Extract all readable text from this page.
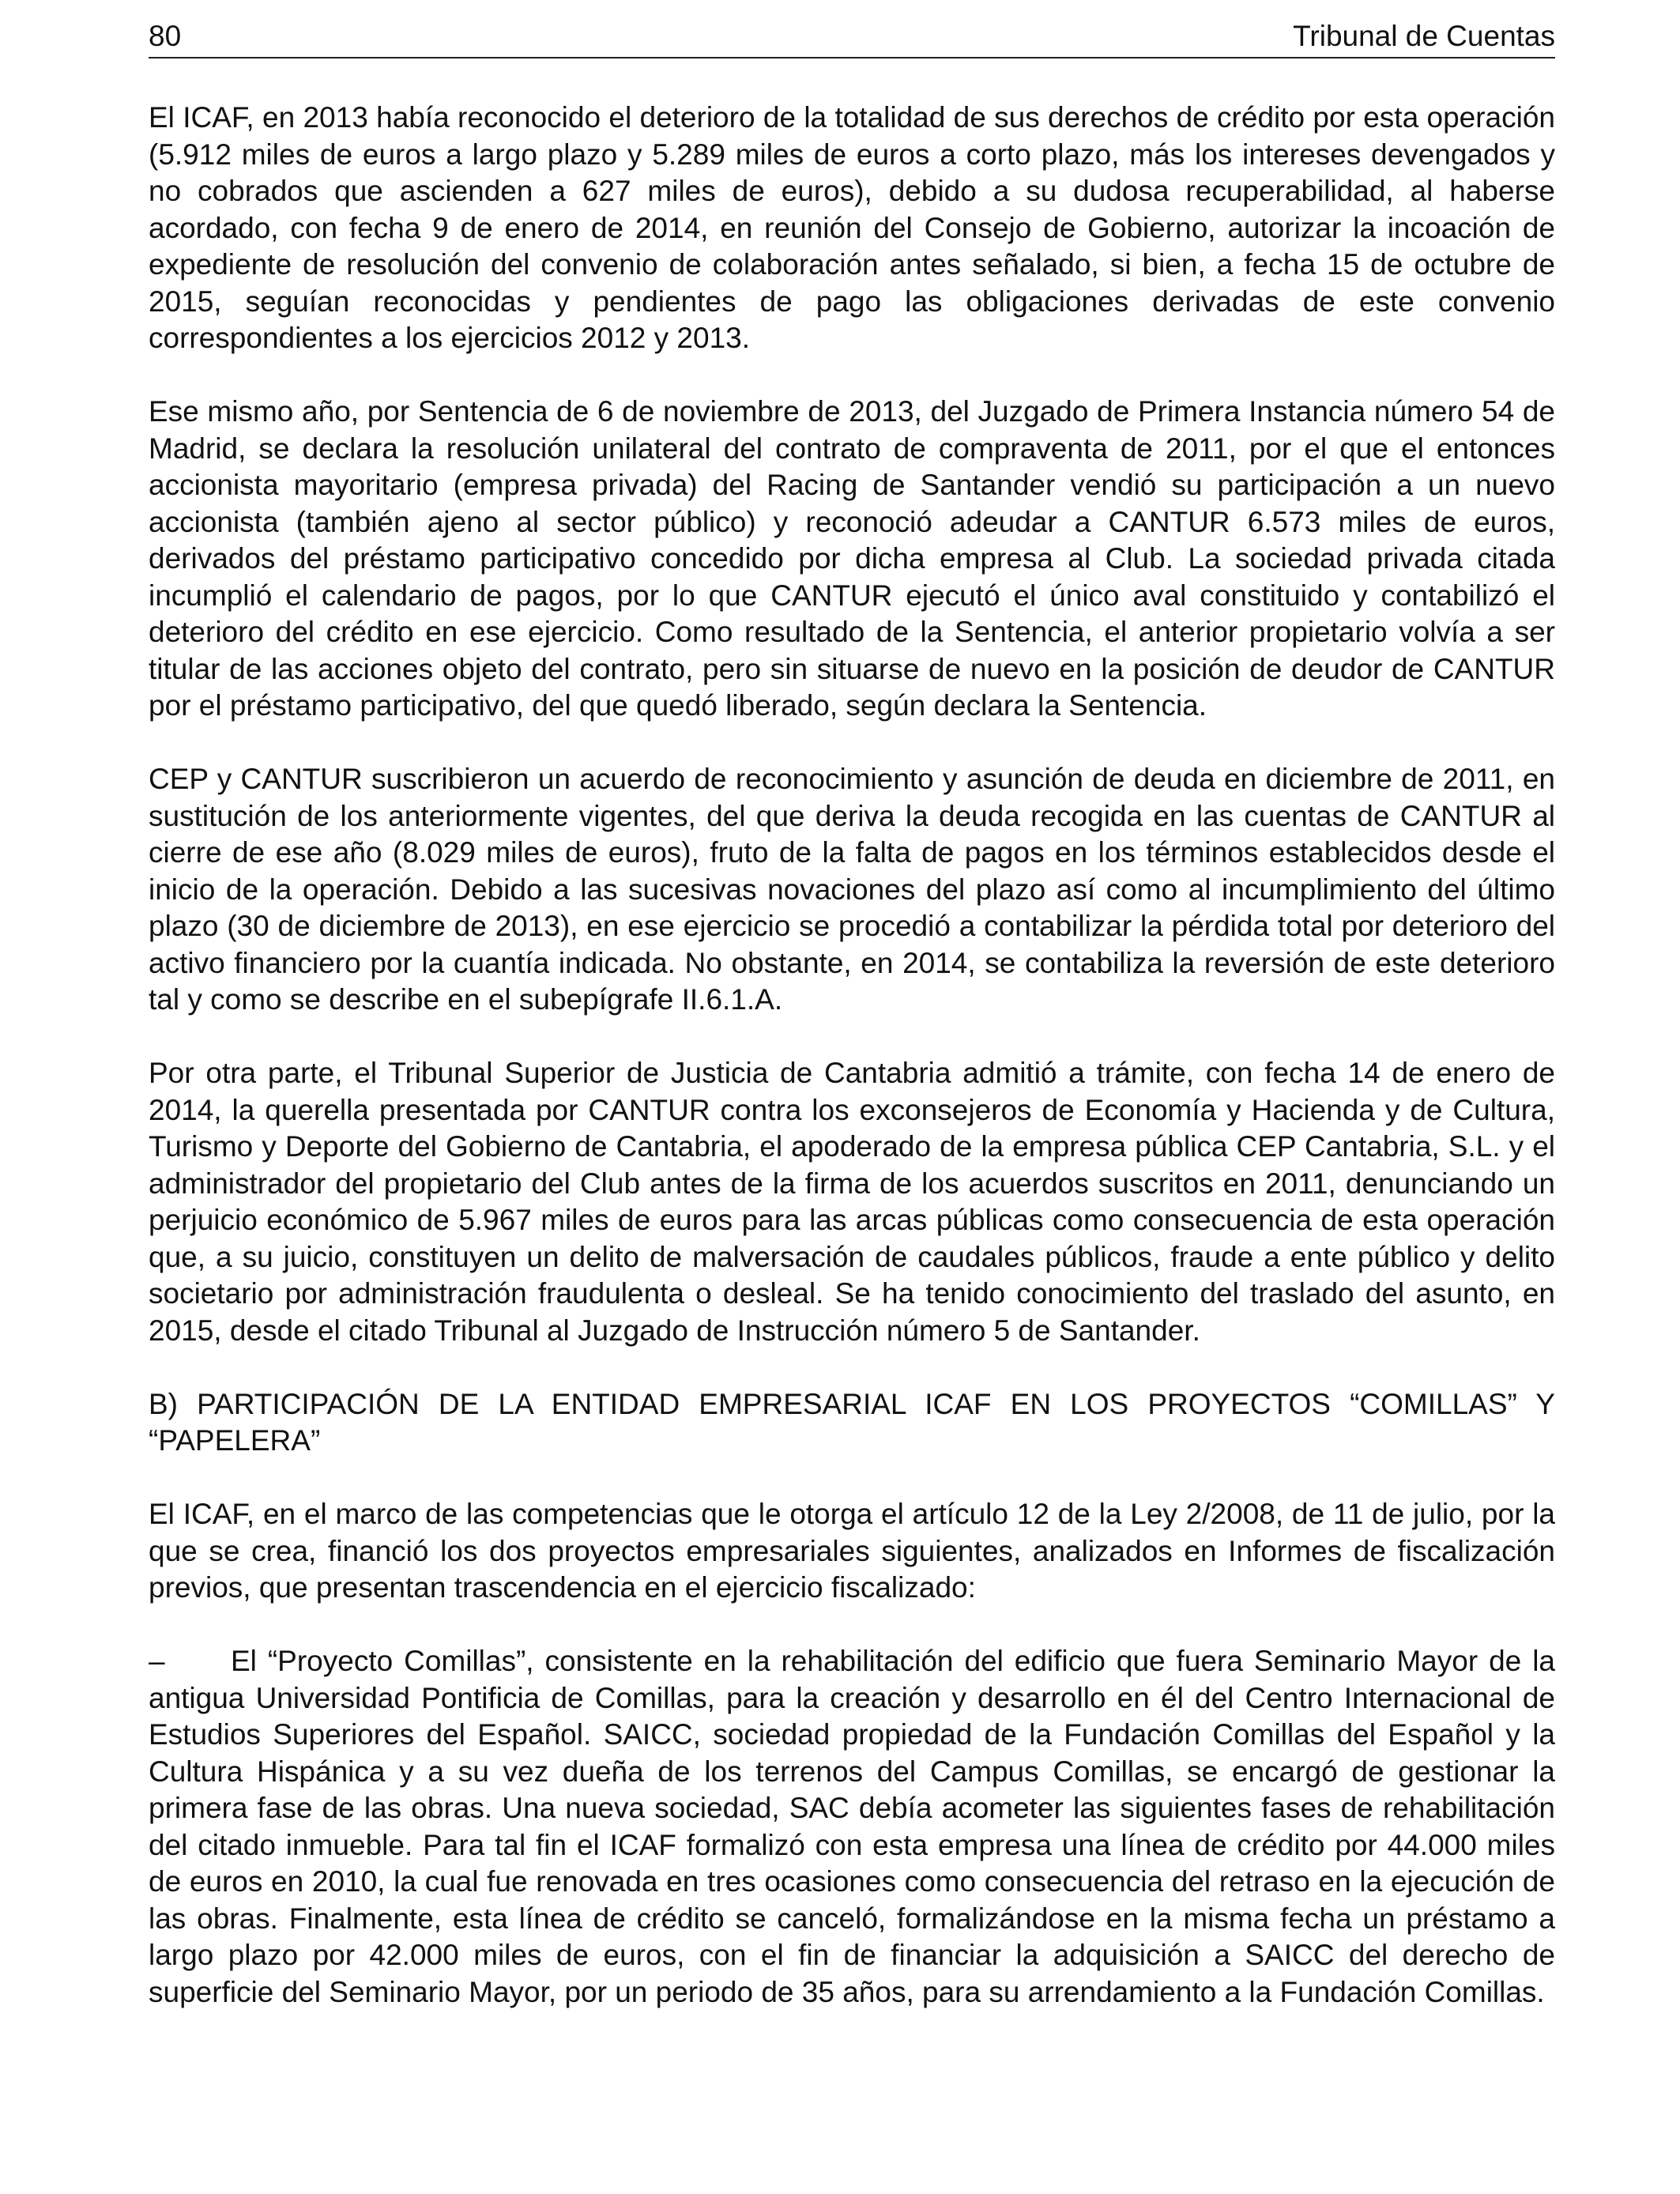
80	Tribunal de Cuentas

El ICAF, en 2013 había reconocido el deterioro de la totalidad de sus derechos de crédito por esta operación (5.912 miles de euros a largo plazo y 5.289 miles de euros a corto plazo, más los intereses devengados y no cobrados que ascienden a 627 miles de euros), debido a su dudosa recuperabilidad, al haberse acordado, con fecha 9 de enero de 2014, en reunión del Consejo de Gobierno, autorizar la incoación de expediente de resolución del convenio de colaboración antes señalado, si bien, a fecha 15 de octubre de 2015, seguían reconocidas y pendientes de pago las obligaciones derivadas de este convenio correspondientes a los ejercicios 2012 y 2013.

Ese mismo año, por Sentencia de 6 de noviembre de 2013, del Juzgado de Primera Instancia número 54 de Madrid, se declara la resolución unilateral del contrato de compraventa de 2011, por el que el entonces accionista mayoritario (empresa privada) del Racing de Santander vendió su participación a un nuevo accionista (también ajeno al sector público) y reconoció adeudar a CANTUR 6.573 miles de euros, derivados del préstamo participativo concedido por dicha empresa al Club. La sociedad privada citada incumplió el calendario de pagos, por lo que CANTUR ejecutó el único aval constituido y contabilizó el deterioro del crédito en ese ejercicio. Como resultado de la Sentencia, el anterior propietario volvía a ser titular de las acciones objeto del contrato, pero sin situarse de nuevo en la posición de deudor de CANTUR por el préstamo participativo, del que quedó liberado, según declara la Sentencia.

CEP y CANTUR suscribieron un acuerdo de reconocimiento y asunción de deuda en diciembre de 2011, en sustitución de los anteriormente vigentes, del que deriva la deuda recogida en las cuentas de CANTUR al cierre de ese año (8.029 miles de euros), fruto de la falta de pagos en los términos establecidos desde el inicio de la operación. Debido a las sucesivas novaciones del plazo así como al incumplimiento del último plazo (30 de diciembre de 2013), en ese ejercicio se procedió a contabilizar la pérdida total por deterioro del activo financiero por la cuantía indicada. No obstante, en 2014, se contabiliza la reversión de este deterioro tal y como se describe en el subepígrafe II.6.1.A.

Por otra parte, el Tribunal Superior de Justicia de Cantabria admitió a trámite, con fecha 14 de enero de 2014, la querella presentada por CANTUR contra los exconsejeros de Economía y Hacienda y de Cultura, Turismo y Deporte del Gobierno de Cantabria, el apoderado de la empresa pública CEP Cantabria, S.L. y el administrador del propietario del Club antes de la firma de los acuerdos suscritos en 2011, denunciando un perjuicio económico de 5.967 miles de euros para las arcas públicas como consecuencia de esta operación que, a su juicio, constituyen un delito de malversación de caudales públicos, fraude a ente público y delito societario por administración fraudulenta o desleal. Se ha tenido conocimiento del traslado del asunto, en 2015, desde el citado Tribunal al Juzgado de Instrucción número 5 de Santander.

B) PARTICIPACIÓN DE LA ENTIDAD EMPRESARIAL ICAF EN LOS PROYECTOS “COMILLAS” Y “PAPELERA”

El ICAF, en el marco de las competencias que le otorga el artículo 12 de la Ley 2/2008, de 11 de julio, por la que se crea, financió los dos proyectos empresariales siguientes, analizados en Informes de fiscalización previos, que presentan trascendencia en el ejercicio fiscalizado:

– El “Proyecto Comillas”, consistente en la rehabilitación del edificio que fuera Seminario Mayor de la antigua Universidad Pontificia de Comillas, para la creación y desarrollo en él del Centro Internacional de Estudios Superiores del Español. SAICC, sociedad propiedad de la Fundación Comillas del Español y la Cultura Hispánica y a su vez dueña de los terrenos del Campus Comillas, se encargó de gestionar la primera fase de las obras. Una nueva sociedad, SAC debía acometer las siguientes fases de rehabilitación del citado inmueble. Para tal fin el ICAF formalizó con esta empresa una línea de crédito por 44.000 miles de euros en 2010, la cual fue renovada en tres ocasiones como consecuencia del retraso en la ejecución de las obras. Finalmente, esta línea de crédito se canceló, formalizándose en la misma fecha un préstamo a largo plazo por 42.000 miles de euros, con el fin de financiar la adquisición a SAICC del derecho de superficie del Seminario Mayor, por un periodo de 35 años, para su arrendamiento a la Fundación Comillas.
